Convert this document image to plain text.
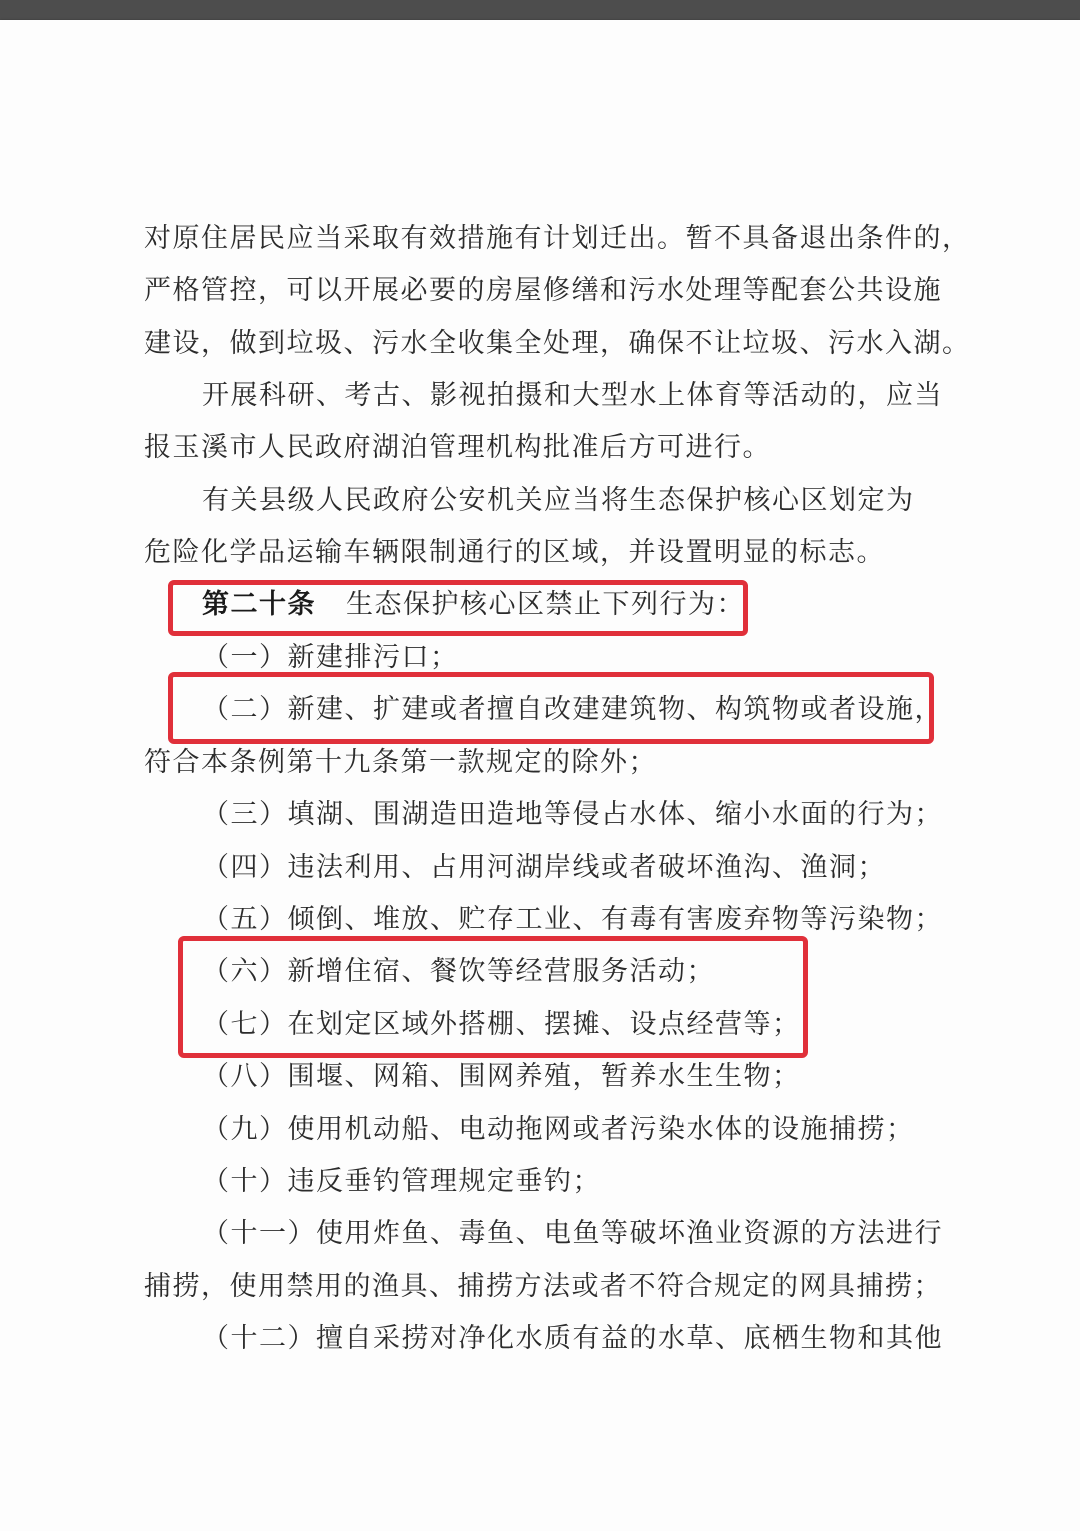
对原住居民应当采取有效措施有计划迁出。暂不具备退出条件的，
严格管控，可以开展必要的房屋修缮和污水处理等配套公共设施
建设，做到垃圾、污水全收集全处理，确保不让垃圾、污水入湖。
开展科研、考古、影视拍摄和大型水上体育等活动的，应当
报玉溪市人民政府湖泊管理机构批准后方可进行。
有关县级人民政府公安机关应当将生态保护核心区划定为
危险化学品运输车辆限制通行的区域，并设置明显的标志。
第二十条 生态保护核心区禁止下列行为：
（一）新建排污口；
（二）新建、扩建或者擅自改建建筑物、构筑物或者设施，
符合本条例第十九条第一款规定的除外；
（三）填湖、围湖造田造地等侵占水体、缩小水面的行为；
（四）违法利用、占用河湖岸线或者破坏渔沟、渔洞；
（五）倾倒、堆放、贮存工业、有毒有害废弃物等污染物；
（六）新增住宿、餐饮等经营服务活动；
（七）在划定区域外搭棚、摆摊、设点经营等；
（八）围堰、网箱、围网养殖，暂养水生生物；
（九）使用机动船、电动拖网或者污染水体的设施捕捞；
（十）违反垂钓管理规定垂钓；
（十一）使用炸鱼、毒鱼、电鱼等破坏渔业资源的方法进行
捕捞，使用禁用的渔具、捕捞方法或者不符合规定的网具捕捞；
（十二）擅自采捞对净化水质有益的水草、底栖生物和其他
